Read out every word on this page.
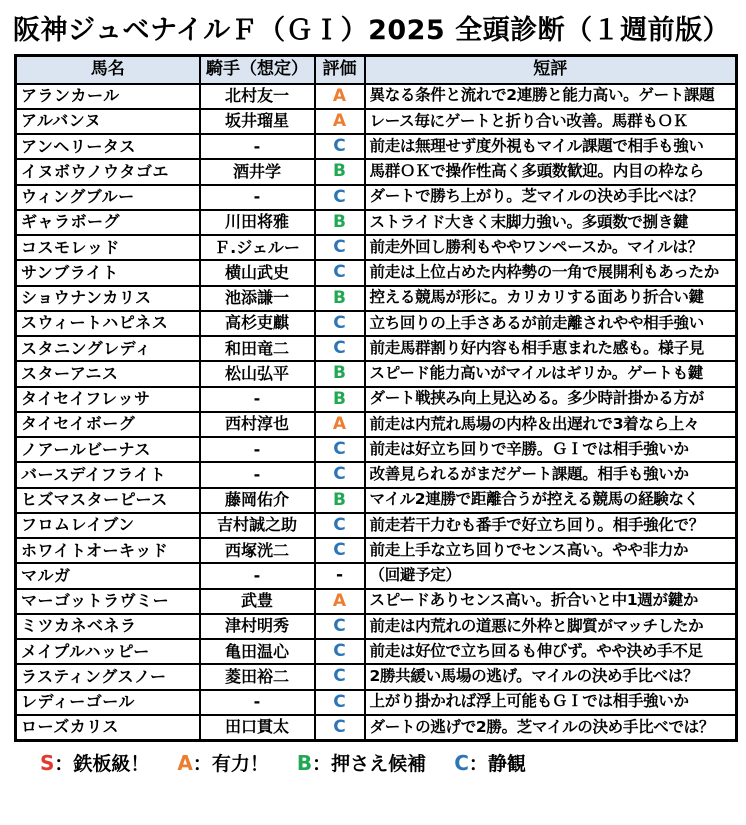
阪神ジュベナイルＦ（ＧＩ）2025 全頭診断（１週前版）
馬名	騎手（想定）	評価	短評
アランカール	北村友一	A	異なる条件と流れで2連勝と能力高い。ゲート課題
アルバンヌ	坂井瑠星	A	レース毎にゲートと折り合い改善。馬群もＯＫ
アンヘリータス	-	C	前走は無理せず度外視もマイル課題で相手も強い
イヌボウノウタゴエ	酒井学	B	馬群ＯＫで操作性高く多頭数歓迎。内目の枠なら
ウィングブルー	-	C	ダートで勝ち上がり。芝マイルの決め手比べは？
ギャラボーグ	川田将雅	B	ストライド大きく末脚力強い。多頭数で捌き鍵
コスモレッド	Ｆ.ジェルー	C	前走外回し勝利もややワンペースか。マイルは？
サンブライト	横山武史	C	前走は上位占めた内枠勢の一角で展開利もあったか
ショウナンカリス	池添謙一	B	控える競馬が形に。カリカリする面あり折合い鍵
スウィートハピネス	高杉吏麒	C	立ち回りの上手さあるが前走離されやや相手強い
スタニングレディ	和田竜二	C	前走馬群割り好内容も相手恵まれた感も。様子見
スターアニス	松山弘平	B	スピード能力高いがマイルはギリか。ゲートも鍵
タイセイフレッサ	-	B	ダート戦挟み向上見込める。多少時計掛かる方が
タイセイボーグ	西村淳也	A	前走は内荒れ馬場の内枠＆出遅れで3着なら上々
ノアールビーナス	-	C	前走は好立ち回りで辛勝。ＧＩでは相手強いか
バースデイフライト	-	C	改善見られるがまだゲート課題。相手も強いか
ヒズマスターピース	藤岡佑介	B	マイル2連勝で距離合うが控える競馬の経験なく
フロムレイブン	吉村誠之助	C	前走若干力むも番手で好立ち回り。相手強化で？
ホワイトオーキッド	西塚洸二	C	前走上手な立ち回りでセンス高い。やや非力か
マルガ	-	-	（回避予定）
マーゴットラヴミー	武豊	A	スピードありセンス高い。折合いと中1週が鍵か
ミツカネベネラ	津村明秀	C	前走は内荒れの道悪に外枠と脚質がマッチしたか
メイプルハッピー	亀田温心	C	前走は好位で立ち回るも伸びず。やや決め手不足
ラスティングスノー	菱田裕二	C	2勝共緩い馬場の逃げ。マイルの決め手比べは？
レディーゴール	-	C	上がり掛かれば浮上可能もＧＩでは相手強いか
ローズカリス	田口貫太	C	ダートの逃げで2勝。芝マイルの決め手比べでは？
S：鉄板級！ A：有力！ B：押さえ候補 C：静観
